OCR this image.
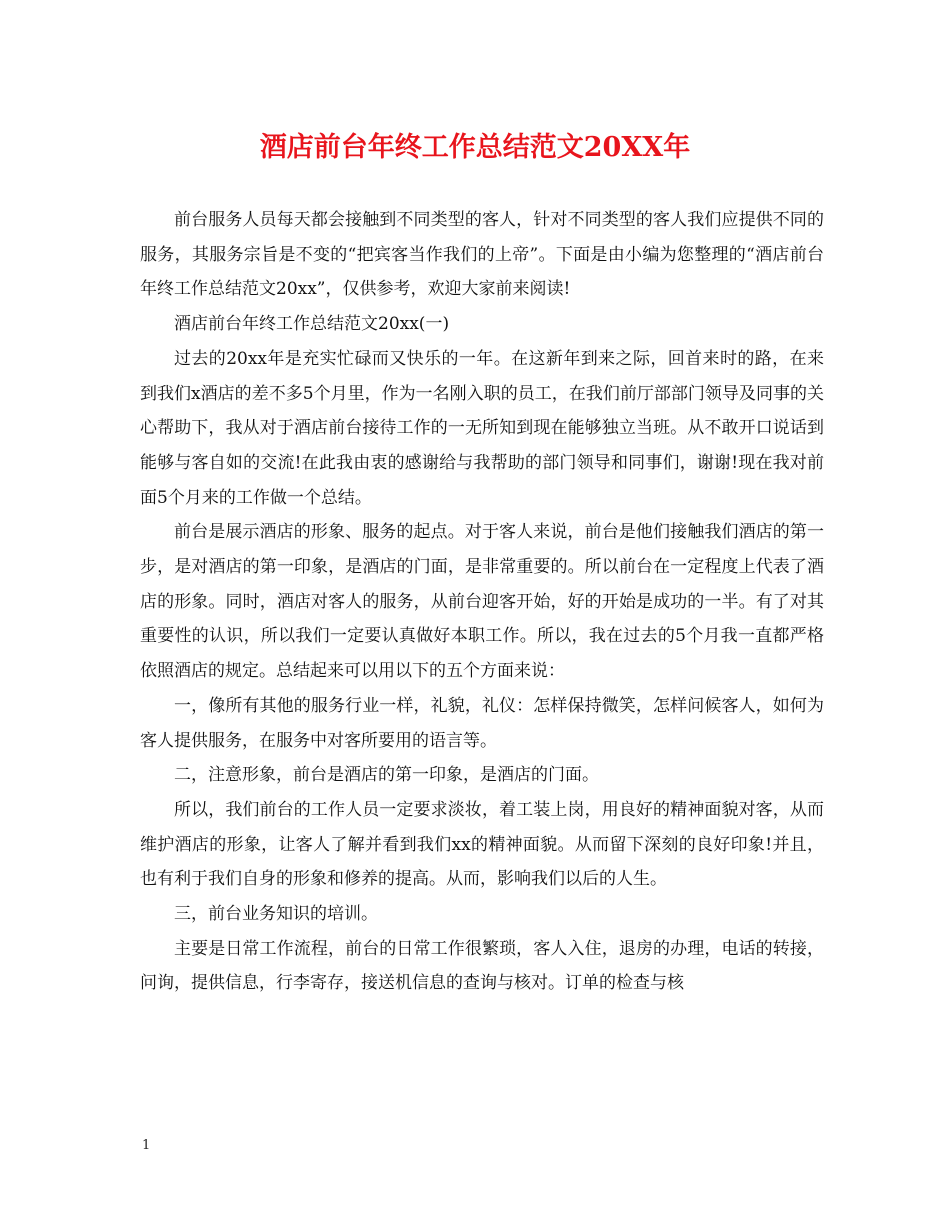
酒店前台年终工作总结范文20XX年

前台服务人员每天都会接触到不同类型的客人，针对不同类型的客人我们应提供不同的服务，其服务宗旨是不变的“把宾客当作我们的上帝”。下面是由小编为您整理的“酒店前台年终工作总结范文20xx”，仅供参考，欢迎大家前来阅读!

酒店前台年终工作总结范文20xx(一)

过去的20xx年是充实忙碌而又快乐的一年。在这新年到来之际，回首来时的路，在来到我们x酒店的差不多5个月里，作为一名刚入职的员工，在我们前厅部部门领导及同事的关心帮助下，我从对于酒店前台接待工作的一无所知到现在能够独立当班。从不敢开口说话到能够与客自如的交流!在此我由衷的感谢给与我帮助的部门领导和同事们，谢谢!现在我对前面5个月来的工作做一个总结。

前台是展示酒店的形象、服务的起点。对于客人来说，前台是他们接触我们酒店的第一步，是对酒店的第一印象，是酒店的门面，是非常重要的。所以前台在一定程度上代表了酒店的形象。同时，酒店对客人的服务，从前台迎客开始，好的开始是成功的一半。有了对其重要性的认识，所以我们一定要认真做好本职工作。所以，我在过去的5个月我一直都严格依照酒店的规定。总结起来可以用以下的五个方面来说：

一，像所有其他的服务行业一样，礼貌，礼仪：怎样保持微笑，怎样问候客人，如何为客人提供服务，在服务中对客所要用的语言等。

二，注意形象，前台是酒店的第一印象，是酒店的门面。

所以，我们前台的工作人员一定要求淡妆，着工装上岗，用良好的精神面貌对客，从而维护酒店的形象，让客人了解并看到我们xx的精神面貌。从而留下深刻的良好印象!并且，也有利于我们自身的形象和修养的提高。从而，影响我们以后的人生。

三，前台业务知识的培训。

主要是日常工作流程，前台的日常工作很繁琐，客人入住，退房的办理，电话的转接，问询，提供信息，行李寄存，接送机信息的查询与核对。订单的检查与核

1
